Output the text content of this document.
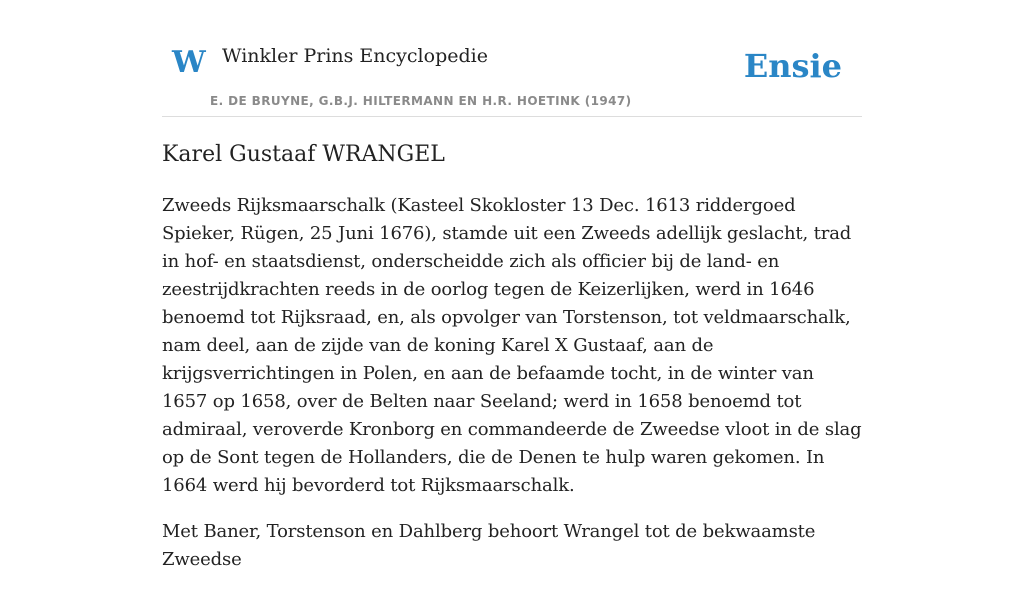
W Winkler Prins Encyclopedie
E. DE BRUYNE, G.B.J. HILTERMANN EN H.R. HOETINK (1947)
Ensie
Karel Gustaaf WRANGEL

Zweeds Rijksmaarschalk (Kasteel Skokloster 13 Dec. 1613 riddergoed Spieker, Rügen, 25 Juni 1676), stamde uit een Zweeds adellijk geslacht, trad in hof- en staatsdienst, onderscheidde zich als officier bij de land- en zeestrijdkrachten reeds in de oorlog tegen de Keizerlijken, werd in 1646 benoemd tot Rijksraad, en, als opvolger van Torstenson, tot veldmaarschalk, nam deel, aan de zijde van de koning Karel X Gustaaf, aan de krijgsverrichtingen in Polen, en aan de befaamde tocht, in de winter van 1657 op 1658, over de Belten naar Seeland; werd in 1658 benoemd tot admiraal, veroverde Kronborg en commandeerde de Zweedse vloot in de slag op de Sont tegen de Hollanders, die de Denen te hulp waren gekomen. In 1664 werd hij bevorderd tot Rijksmaarschalk.

Met Baner, Torstenson en Dahlberg behoort Wrangel tot de bekwaamste Zweedse
